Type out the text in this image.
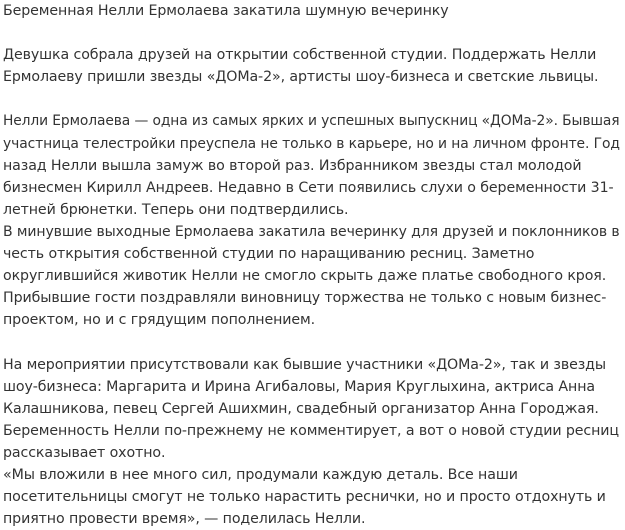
Беременная Нелли Ермолаева закатила шумную вечеринку

Девушка собрала друзей на открытии собственной студии. Поддержать Нелли
Ермолаеву пришли звезды «ДОМа-2», артисты шоу-бизнеса и светские львицы.

Нелли Ермолаева — одна из самых ярких и успешных выпускниц «ДОМа-2». Бывшая
участница телестройки преуспела не только в карьере, но и на личном фронте. Год
назад Нелли вышла замуж во второй раз. Избранником звезды стал молодой
бизнесмен Кирилл Андреев. Недавно в Сети появились слухи о беременности 31-
летней брюнетки. Теперь они подтвердились.

В минувшие выходные Ермолаева закатила вечеринку для друзей и поклонников в
честь открытия собственной студии по наращиванию ресниц. Заметно
округлившийся животик Нелли не смогло скрыть даже платье свободного кроя.
Прибывшие гости поздравляли виновницу торжества не только с новым бизнес-
проектом, но и с грядущим пополнением.

На мероприятии присутствовали как бывшие участники «ДОМа-2», так и звезды
шоу-бизнеса: Маргарита и Ирина Агибаловы, Мария Круглыхина, актриса Анна
Калашникова, певец Сергей Ашихмин, свадебный организатор Анна Городжая.
Беременность Нелли по-прежнему не комментирует, а вот о новой студии ресниц
рассказывает охотно.

«Мы вложили в нее много сил, продумали каждую деталь. Все наши
посетительницы смогут не только нарастить реснички, но и просто отдохнуть и
приятно провести время», — поделилась Нелли.
